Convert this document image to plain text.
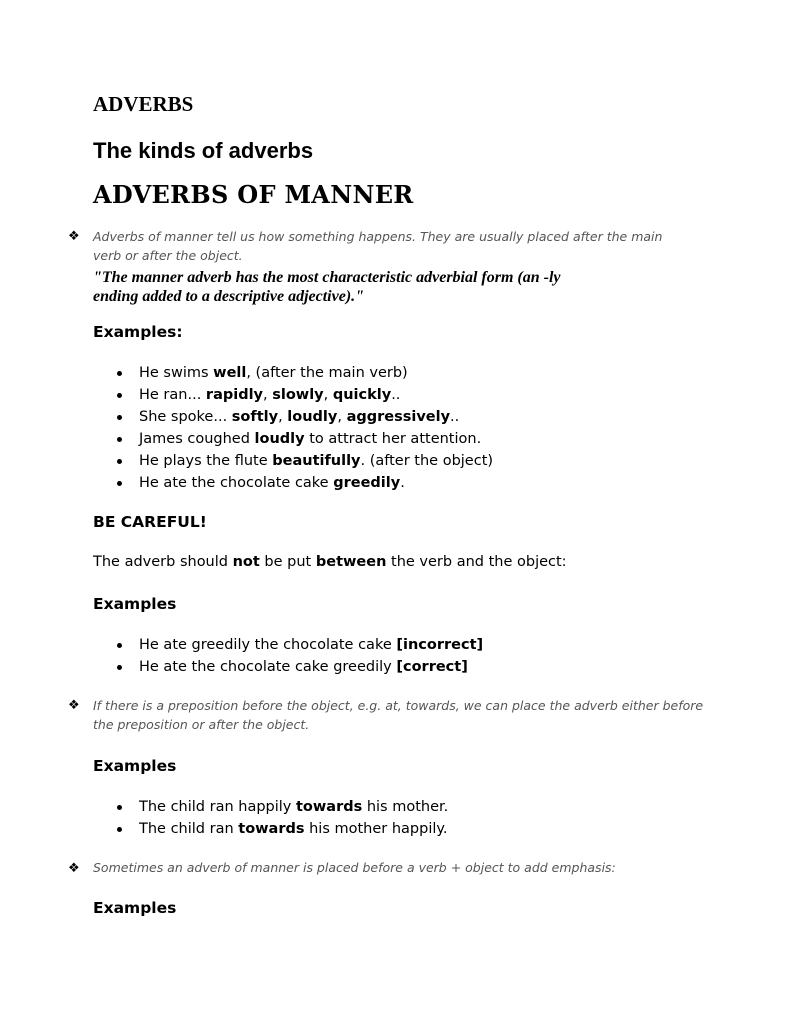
ADVERBS
The kinds of adverbs
ADVERBS OF MANNER
❖ Adverbs of manner tell us how something happens. They are usually placed after the main
verb or after the object.
"The manner adverb has the most characteristic adverbial form (an -ly
ending added to a descriptive adjective)."
Examples:
He swims well, (after the main verb)
He ran... rapidly, slowly, quickly..
She spoke... softly, loudly, aggressively..
James coughed loudly to attract her attention.
He plays the flute beautifully. (after the object)
He ate the chocolate cake greedily.
BE CAREFUL!
The adverb should not be put between the verb and the object:
Examples
He ate greedily the chocolate cake [incorrect]
He ate the chocolate cake greedily [correct]
❖ If there is a preposition before the object, e.g. at, towards, we can place the adverb either before
the preposition or after the object.
Examples
The child ran happily towards his mother.
The child ran towards his mother happily.
❖ Sometimes an adverb of manner is placed before a verb + object to add emphasis:
Examples
